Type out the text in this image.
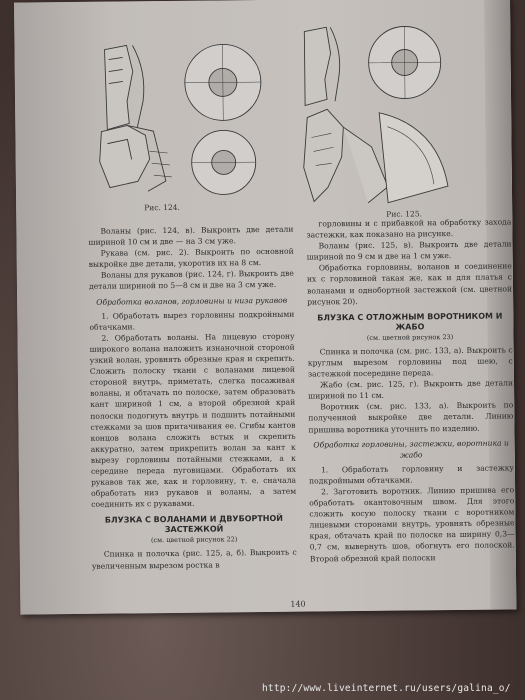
Рис. 124.
Рис. 125.

Воланы (рис. 124, в). Выкроить две детали шириной 10 см и две — на 3 см уже.

Рукава (см. рис. 2). Выкроить по основной выкройке две детали, укоротив их на 8 см.

Воланы для рукавов (рис. 124, г). Выкроить две детали шириной по 5—8 см и две на 3 см уже.

Обработка воланов, горловины и низа рукавов

1. Обработать вырез горловины подкройными обтачками.

2. Обработать воланы. На лицевую сторону широкого волана наложить изнаночной стороной узкий волан, уровнять обрезные края и скрепить. Сложить полоску ткани с воланами лицевой стороной внутрь, приметать, слегка посаживая воланы, и обтачать по полоске, затем образовать кант шириной 1 см, а второй обрезной край полоски подогнуть внутрь и подшить потайными стежками за шов притачивания ее. Сгибы кантов концов волана сложить встык и скрепить аккуратно, затем прикрепить волан за кант к вырезу горловины потайными стежками, а к середине переда пуговицами. Обработать их рукавов так же, как и горловину, т. е. сначала обработать низ рукавов и воланы, а затем соединить их с рукавами.

БЛУЗКА С ВОЛАНАМИ И ДВУБОРТНОЙ ЗАСТЕЖКОЙ

(см. цветной рисунок 22)

Спинка и полочка (рис. 125, а, б). Выкроить с увеличенным вырезом ростка в

горловины и с прибавкой на обработку захода застежки, как показано на рисунке.

Воланы (рис. 125, в). Выкроить две детали шириной по 9 см и две на 1 см уже.

Обработка горловины, воланов и соединение их с горловиной такая же, как и для платья с воланами и однобортной застежкой (см. цветной рисунок 20).

БЛУЗКА С ОТЛОЖНЫМ ВОРОТНИКОМ И ЖАБО

(см. цветной рисунок 23)

Спинка и полочка (см. рис. 133, а). Выкроить с круглым вырезом горловины под шею, с застежкой посередине переда.

Жабо (см. рис. 125, г). Выкроить две детали шириной по 11 см.

Воротник (см. рис. 133, а). Выкроить по полученной выкройке две детали. Линию пришива воротника уточнить по изделию.

Обработка горловины, застежки, воротника и жабо

1. Обработать горловину и застежку подкройными обтачками.

2. Заготовить воротник. Линию пришива его обработать окантовочным швом. Для этого сложить косую полоску ткани с воротником лицевыми сторонами внутрь, уровнять обрезные края, обтачать край по полоске на ширину 0,3—0,7 см, вывернуть шов, обогнуть его полоской. Второй обрезной край полоски

140
http://www.liveinternet.ru/users/galina_o/
